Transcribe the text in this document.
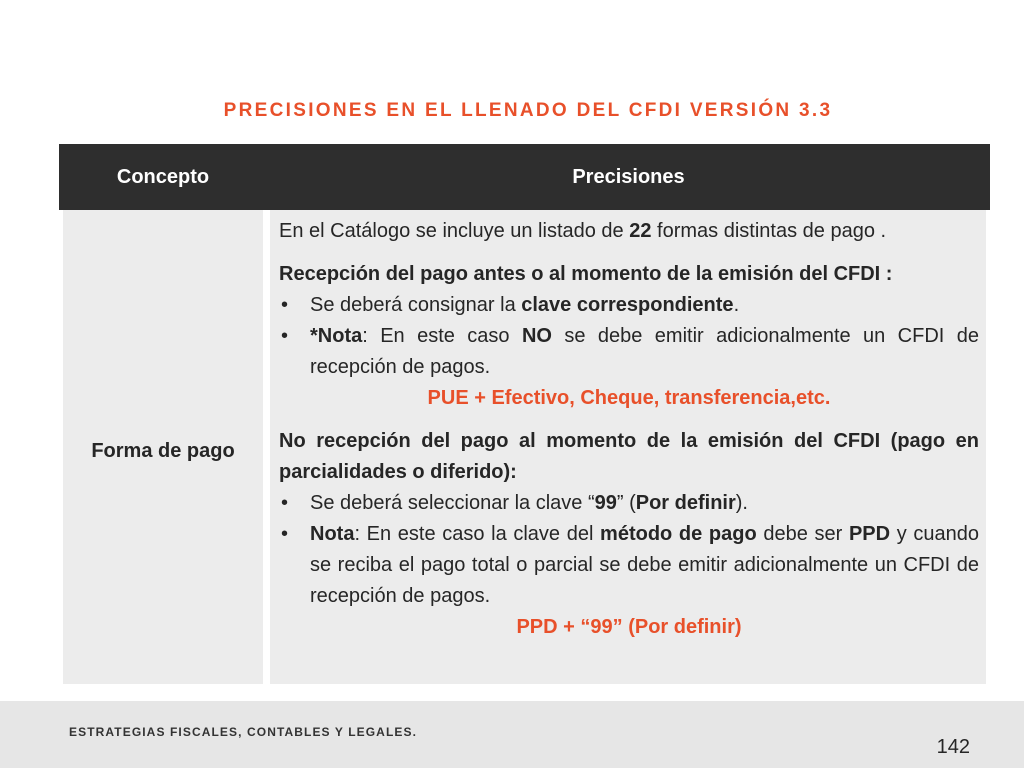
PRECISIONES EN EL LLENADO DEL CFDI VERSIÓN 3.3
Concepto	Precisiones
Forma de pago

En el Catálogo se incluye un listado de 22 formas distintas de pago .

Recepción del pago antes o al momento de la emisión del CFDI :

• Se deberá consignar la clave correspondiente.

• *Nota: En este caso NO se debe emitir adicionalmente un CFDI de recepción de pagos.

PUE + Efectivo, Cheque, transferencia,etc.

No recepción del pago al momento de la emisión del CFDI (pago en parcialidades o diferido):

• Se deberá seleccionar la clave “99” (Por definir).

• Nota: En este caso la clave del método de pago debe ser PPD y cuando se reciba el pago total o parcial se debe emitir adicionalmente un CFDI de recepción de pagos.

PPD + “99” (Por definir)

ESTRATEGIAS FISCALES, CONTABLES Y LEGALES.
142
